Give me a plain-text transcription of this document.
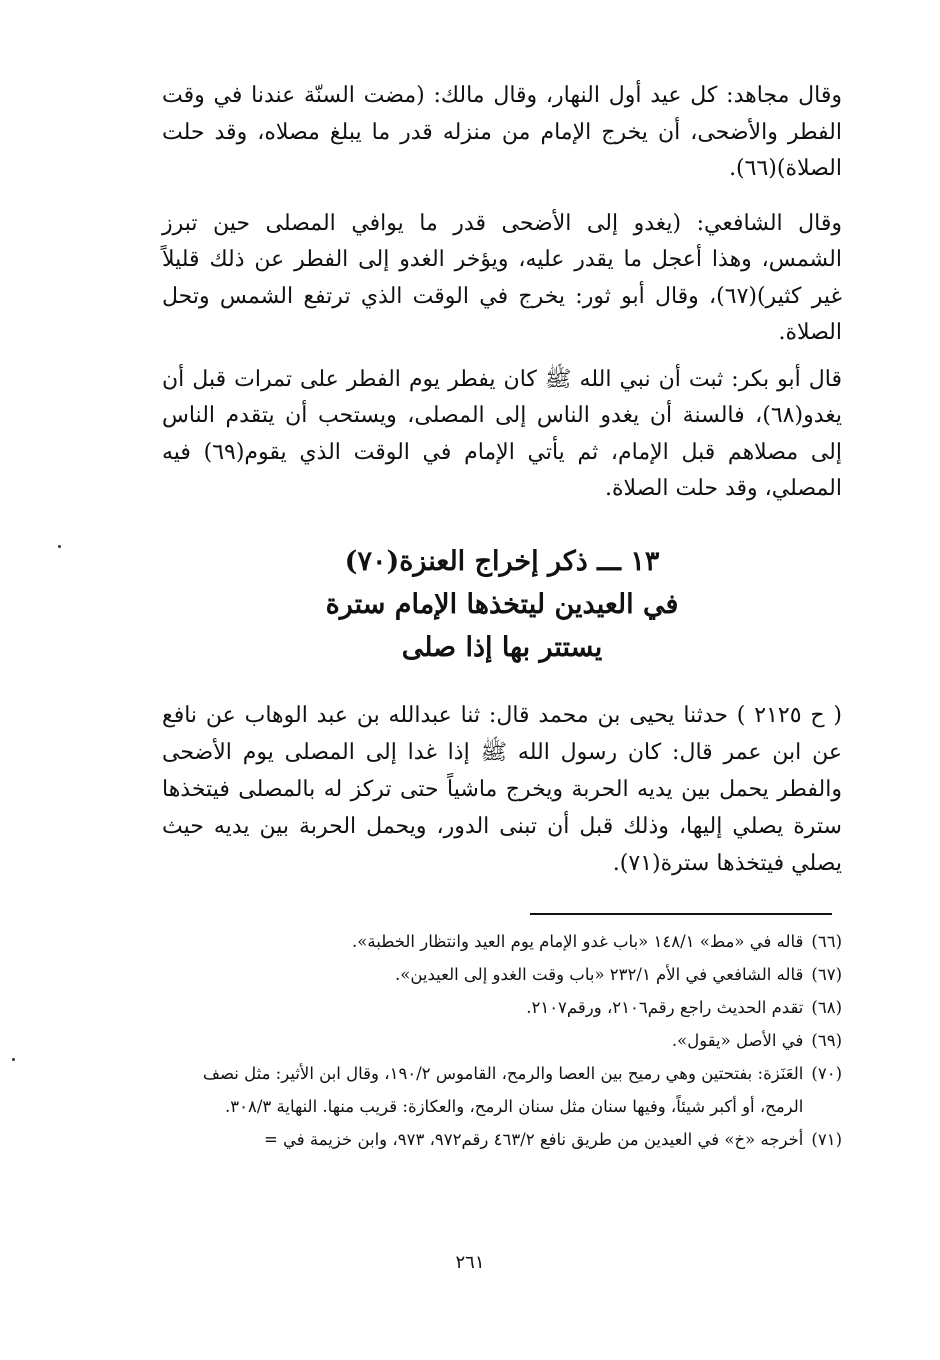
وقال مجاهد: كل عيد أول النهار، وقال مالك: (مضت السنّة عندنا في وقت الفطر والأضحى، أن يخرج الإمام من منزله قدر ما يبلغ مصلاه، وقد حلت الصلاة)(٦٦).

وقال الشافعي: (يغدو إلى الأضحى قدر ما يوافي المصلى حين تبرز الشمس، وهذا أعجل ما يقدر عليه، ويؤخر الغدو إلى الفطر عن ذلك قليلاً غير كثير)(٦٧)، وقال أبو ثور: يخرج في الوقت الذي ترتفع الشمس وتحل الصلاة.

قال أبو بكر: ثبت أن نبي الله ﷺ كان يفطر يوم الفطر على تمرات قبل أن يغدو(٦٨)، فالسنة أن يغدو الناس إلى المصلى، ويستحب أن يتقدم الناس إلى مصلاهم قبل الإمام، ثم يأتي الإمام في الوقت الذي يقوم(٦٩) فيه المصلي، وقد حلت الصلاة.

١٣ ـــ ذكر إخراج العنزة(٧٠)
في العيدين ليتخذها الإمام سترة
يستتر بها إذا صلى

( ح ٢١٢٥ ) حدثنا يحيى بن محمد قال: ثنا عبدالله بن عبد الوهاب عن نافع عن ابن عمر قال: كان رسول الله ﷺ إذا غدا إلى المصلى يوم الأضحى والفطر يحمل بين يديه الحربة ويخرج ماشياً حتى تركز له بالمصلى فيتخذها سترة يصلي إليها، وذلك قبل أن تبنى الدور، ويحمل الحربة بين يديه حيث يصلي فيتخذها سترة(٧١).

(٦٦)
قاله في «مط» ١٤٨/١ «باب غدو الإمام يوم العيد وانتظار الخطبة».
(٦٧)
قاله الشافعي في الأم ٢٣٢/١ «باب وقت الغدو إلى العيدين».
(٦٨)
تقدم الحديث راجع رقم٢١٠٦، ورقم٢١٠٧.
(٦٩)
في الأصل «يقول».
(٧٠)
العَنَزة: بفتحتين وهي رميح بين العصا والرمح، القاموس ١٩٠/٢، وقال ابن الأثير: مثل نصف الرمح، أو أكبر شيئاً، وفيها سنان مثل سنان الرمح، والعكازة: قريب منها. النهاية ٣٠٨/٣.
(٧١)
أخرجه «خ» في العيدين من طريق نافع ٤٦٣/٢ رقم٩٧٢، ٩٧٣، وابن خزيمة في =
٢٦١
